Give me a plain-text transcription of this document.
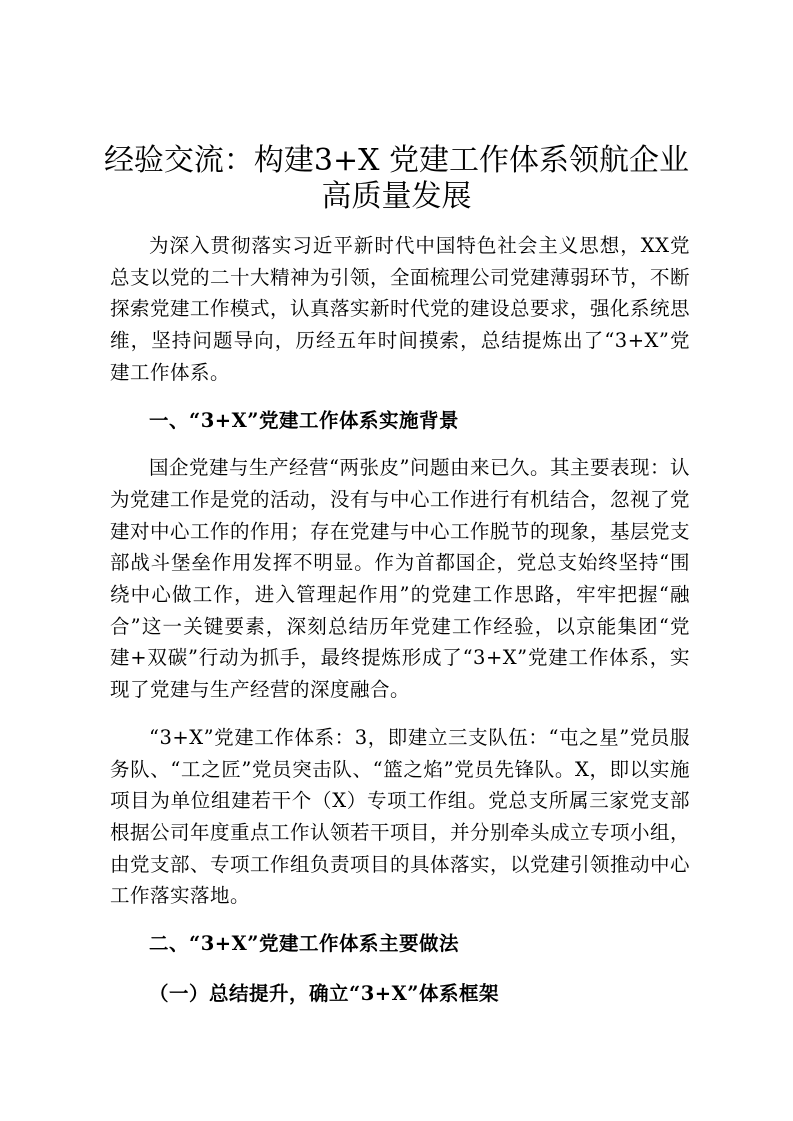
经验交流：构建3+X 党建工作体系领航企业
高质量发展

为深入贯彻落实习近平新时代中国特色社会主义思想，XX党总支以党的二十大精神为引领，全面梳理公司党建薄弱环节，不断探索党建工作模式，认真落实新时代党的建设总要求，强化系统思维，坚持问题导向，历经五年时间摸索，总结提炼出了“3+X”党建工作体系。

一、“3+X”党建工作体系实施背景

国企党建与生产经营“两张皮”问题由来已久。其主要表现：认为党建工作是党的活动，没有与中心工作进行有机结合，忽视了党建对中心工作的作用；存在党建与中心工作脱节的现象，基层党支部战斗堡垒作用发挥不明显。作为首都国企，党总支始终坚持“围绕中心做工作，进入管理起作用”的党建工作思路，牢牢把握“融合”这一关键要素，深刻总结历年党建工作经验，以京能集团“党建+双碳”行动为抓手，最终提炼形成了“3+X”党建工作体系，实现了党建与生产经营的深度融合。

“3+X”党建工作体系：3，即建立三支队伍：“屯之星”党员服务队、“工之匠”党员突击队、“篮之焰”党员先锋队。X，即以实施项目为单位组建若干个（X）专项工作组。党总支所属三家党支部根据公司年度重点工作认领若干项目，并分别牵头成立专项小组，由党支部、专项工作组负责项目的具体落实，以党建引领推动中心工作落实落地。

二、“3+X”党建工作体系主要做法

（一）总结提升，确立“3+X”体系框架
